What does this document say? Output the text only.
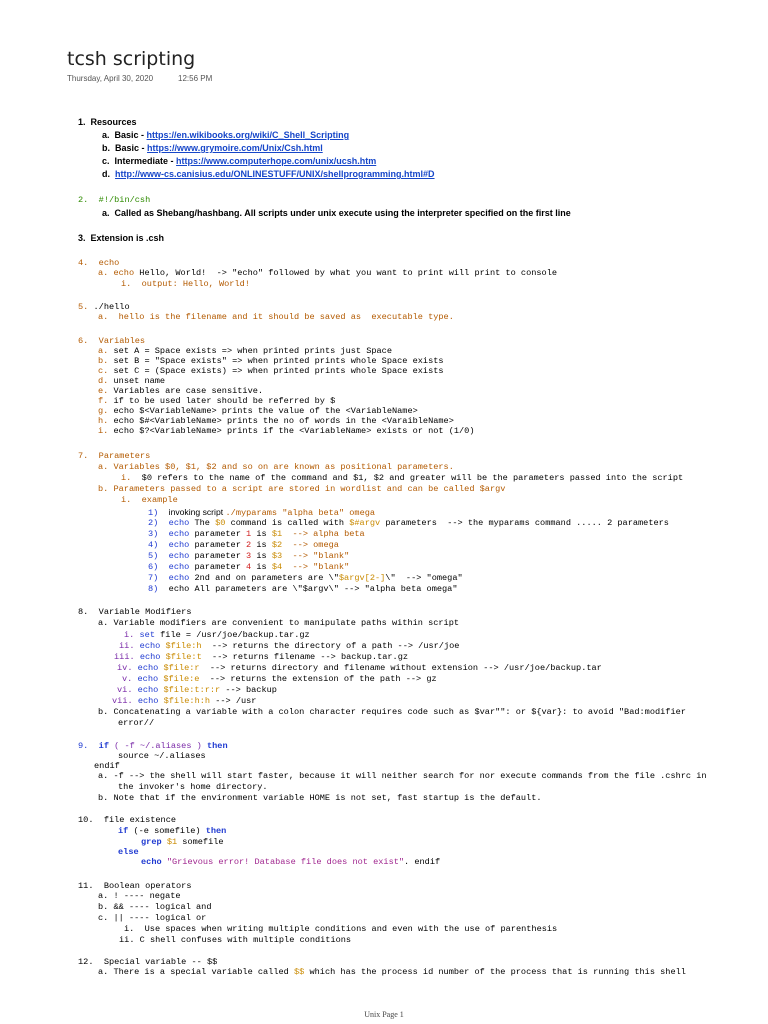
tcsh scripting
Thursday, April 30, 2020	12:56 PM
1. Resources
a. Basic - https://en.wikibooks.org/wiki/C_Shell_Scripting
b. Basic - https://www.grymoire.com/Unix/Csh.html
c. Intermediate - https://www.computerhope.com/unix/ucsh.htm
d. http://www-cs.canisius.edu/ONLINESTUFF/UNIX/shellprogramming.html#D
2. #!/bin/csh
a.  Called as Shebang/hashbang. All scripts under unix execute using the interpreter specified on the first line
3. Extension is .csh
4. echo
a. echo Hello, World!  -> "echo" followed by what you want to print will print to console
i.  output: Hello, World!
5. ./hello
a.  hello is the filename and it should be saved as  executable type.
6. Variables
a. set A = Space exists => when printed prints just Space
b. set B = "Space exists" => when printed prints whole Space exists
c. set C = (Space exists) => when printed prints whole Space exists
d. unset name
e. Variables are case sensitive.
f. if to be used later should be referred by $
g. echo $<VariableName> prints the value of the <VariableName>
h. echo $#<VariableName> prints the no of words in the <VaraibleName>
i. echo $?<VariableName> prints if the <VariableName> exists or not (1/0)
7. Parameters
a. Variables $0, $1, $2 and so on are known as positional parameters.
i. $0 refers to the name of the command and $1, $2 and greater will be the parameters passed into the script
b. Parameters passed to a script are stored in wordlist and can be called $argv
i.  example
1) invoking script ./myparams "alpha beta" omega
2) echo The $0 command is called with $#argv parameters  --> the myparams command ..... 2 parameters
3) echo parameter 1 is $1  --> alpha beta
4) echo parameter 2 is $2  --> omega
5) echo parameter 3 is $3  --> "blank"
6) echo parameter 4 is $4  --> "blank"
7) echo 2nd and on parameters are \"$argv[2-]\"  --> "omega"
8) echo All parameters are \"$argv\" --> "alpha beta omega"
8. Variable Modifiers
a. Variable modifiers are convenient to manipulate paths within script
i. set file = /usr/joe/backup.tar.gz
ii. echo $file:h  --> returns the directory of a path --> /usr/joe
iii. echo $file:t  --> returns filename --> backup.tar.gz
iv. echo $file:r  --> returns directory and filename without extension --> /usr/joe/backup.tar
v. echo $file:e  --> returns the extension of the path --> gz
vi. echo $file:t:r:r --> backup
vii. echo $file:h:h --> /usr
b. Concatenating a variable with a colon character requires code such as $var"": or ${var}: to avoid "Bad:modifier
error//
9. if ( -f ~/.aliases ) then
source ~/.aliases
endif
a. -f --> the shell will start faster, because it will neither search for nor execute commands from the file .cshrc in
the invoker's home directory.
b. Note that if the environment variable HOME is not set, fast startup is the default.
10. file existence
if (-e somefile) then
grep $1 somefile
else
echo "Grievous error! Database file does not exist". endif
11. Boolean operators
a. ! ---- negate
b. && ---- logical and
c. || ---- logical or
i.  Use spaces when writing multiple conditions and even with the use of parenthesis
ii. C shell confuses with multiple conditions
12. Special variable -- $$
a. There is a special variable called $$ which has the process id number of the process that is running this shell
Unix Page 1
